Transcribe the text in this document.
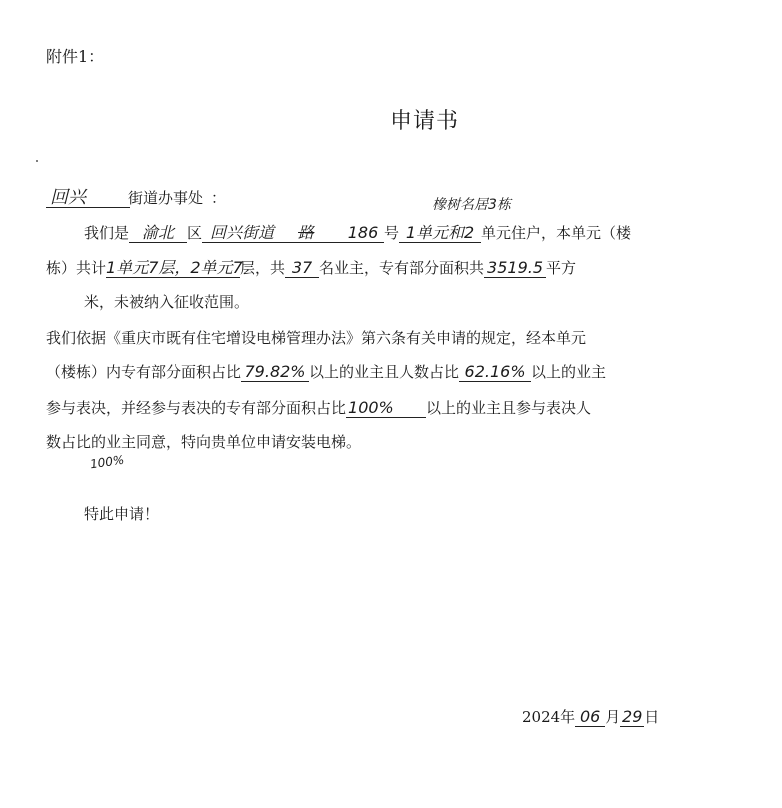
附件1：
申请书
回兴	街道办事处 ：	橡树名居3栋
我们是 渝北 区 回兴街道 路 186 号 1单元和2 单元住户，本单元（楼
栋）共计1单元7层，2单元7层，共 37 名业主，专有部分面积共 3519.5 平方
米，未被纳入征收范围。
我们依据《重庆市既有住宅增设电梯管理办法》第六条有关申请的规定，经本单元
（楼栋）内专有部分面积占比 79.82% 以上的业主且人数占比 62.16% 以上的业主
参与表决，并经参与表决的专有部分面积占比 100% 以上的业主且参与表决人
数占比的业主同意，特向贵单位申请安装电梯。
100%
特此申请！
2024年 06 月 29 日
